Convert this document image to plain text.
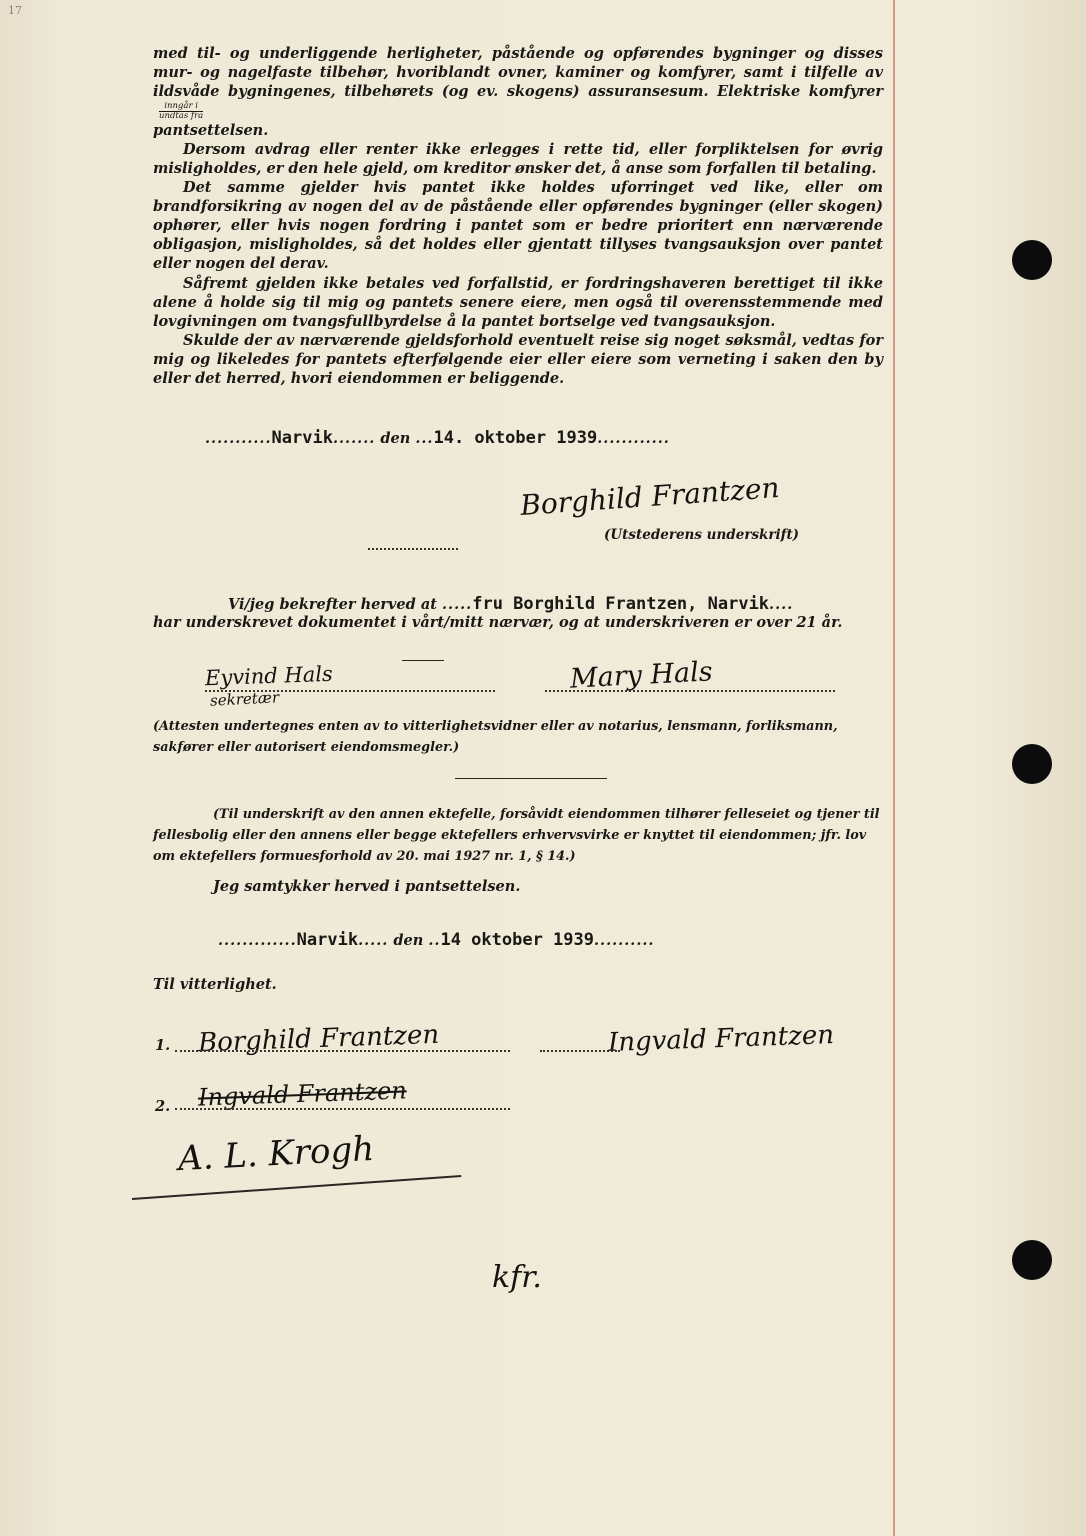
17

med til- og underliggende herligheter, påstående og opførendes bygninger og disses mur- og nagelfaste tilbehør, hvoriblandt ovner, kaminer og komfyrer, samt i tilfelle av ildsvåde bygningenes, tilbehørets (og ev. skogens) assuransesum. Elektriske komfyrer
$\frac{\text{inngår i}}{\text{undtas fra}}$

pantsettelsen.

Dersom avdrag eller renter ikke erlegges i rette tid, eller forpliktelsen for øvrig misligholdes, er den hele gjeld, om kreditor ønsker det, å anse som forfallen til betaling.

Det samme gjelder hvis pantet ikke holdes uforringet ved like, eller om brandforsikring av nogen del av de påstående eller opførendes bygninger (eller skogen) ophører, eller hvis nogen fordring i pantet som er bedre prioritert enn nærværende obligasjon, misligholdes, så det holdes eller gjentatt tillyses tvangsauksjon over pantet eller nogen del derav.

Såfremt gjelden ikke betales ved forfallstid, er fordringshaveren berettiget til ikke alene å holde sig til mig og pantets senere eiere, men også til overensstemmende med lovgivningen om tvangsfullbyrdelse å la pantet bortselge ved tvangsauksjon.

Skulde der av nærværende gjeldsforhold eventuelt reise sig noget søksmål, vedtas for mig og likeledes for pantets efterfølgende eier eller eiere som verneting i saken den by eller det herred, hvori eiendommen er beliggende.

...........Narvik....... den ...14. oktober 1939............
Borghild Frantzen
(Utstederens underskrift)
Vi/jeg bekrefter herved at .....fru Borghild Frantzen, Narvik....
har underskrevet dokumentet i vårt/mitt nærvær, og at underskriveren er over 21 år.
Eyvind Hals
sekretær
Mary Hals

(Attesten undertegnes enten av to vitterlighetsvidner eller av notarius, lensmann, forliksmann, sakfører eller autorisert eiendomsmegler.)

(Til underskrift av den annen ektefelle, forsåvidt eiendommen tilhører felleseiet og tjener til fellesbolig eller den annens eller begge ektefellers erhvervsvirke er knyttet til eiendommen; jfr. lov om ektefellers formuesforhold av 20. mai 1927 nr. 1, § 14.)

Jeg samtykker herved i pantsettelsen.
.............Narvik..... den ..14 oktober 1939..........
Til vitterlighet.
1. Borghild Frantzen	Ingvald Frantzen
2. Ingvald Frantzen
A. L. Krogh
kfr.
